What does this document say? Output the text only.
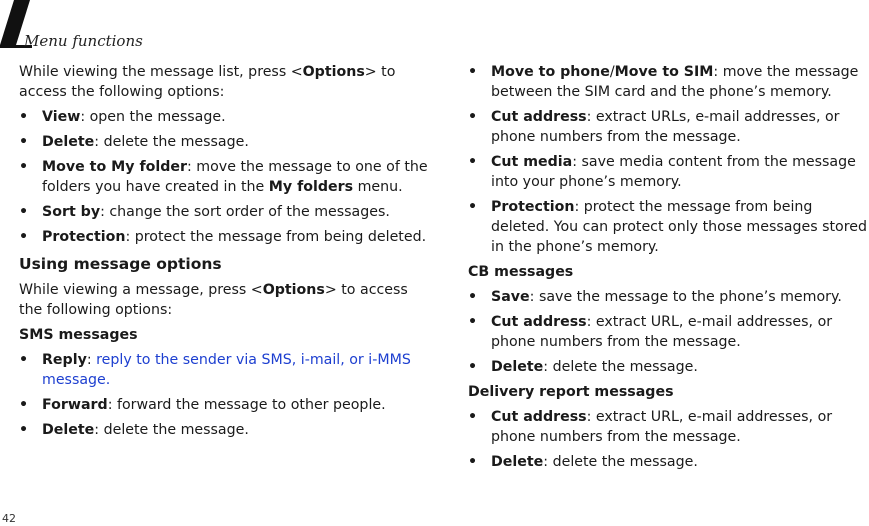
Menu functions

While viewing the message list, press <Options> to access the following options:

• View: open the message.
• Delete: delete the message.
• Move to My folder: move the message to one of the folders you have created in the My folders menu.
• Sort by: change the sort order of the messages.
• Protection: protect the message from being deleted.
Using message options

While viewing a message, press <Options> to access the following options:

SMS messages
• Reply: reply to the sender via SMS, i-mail, or i-MMS message.
• Forward: forward the message to other people.
• Delete: delete the message.
• Move to phone/Move to SIM: move the message between the SIM card and the phone’s memory.
• Cut address: extract URLs, e-mail addresses, or phone numbers from the message.
• Cut media: save media content from the message into your phone’s memory.
• Protection: protect the message from being deleted. You can protect only those messages stored in the phone’s memory.
CB messages
• Save: save the message to the phone’s memory.
• Cut address: extract URL, e-mail addresses, or phone numbers from the message.
• Delete: delete the message.
Delivery report messages
• Cut address: extract URL, e-mail addresses, or phone numbers from the message.
• Delete: delete the message.
42
